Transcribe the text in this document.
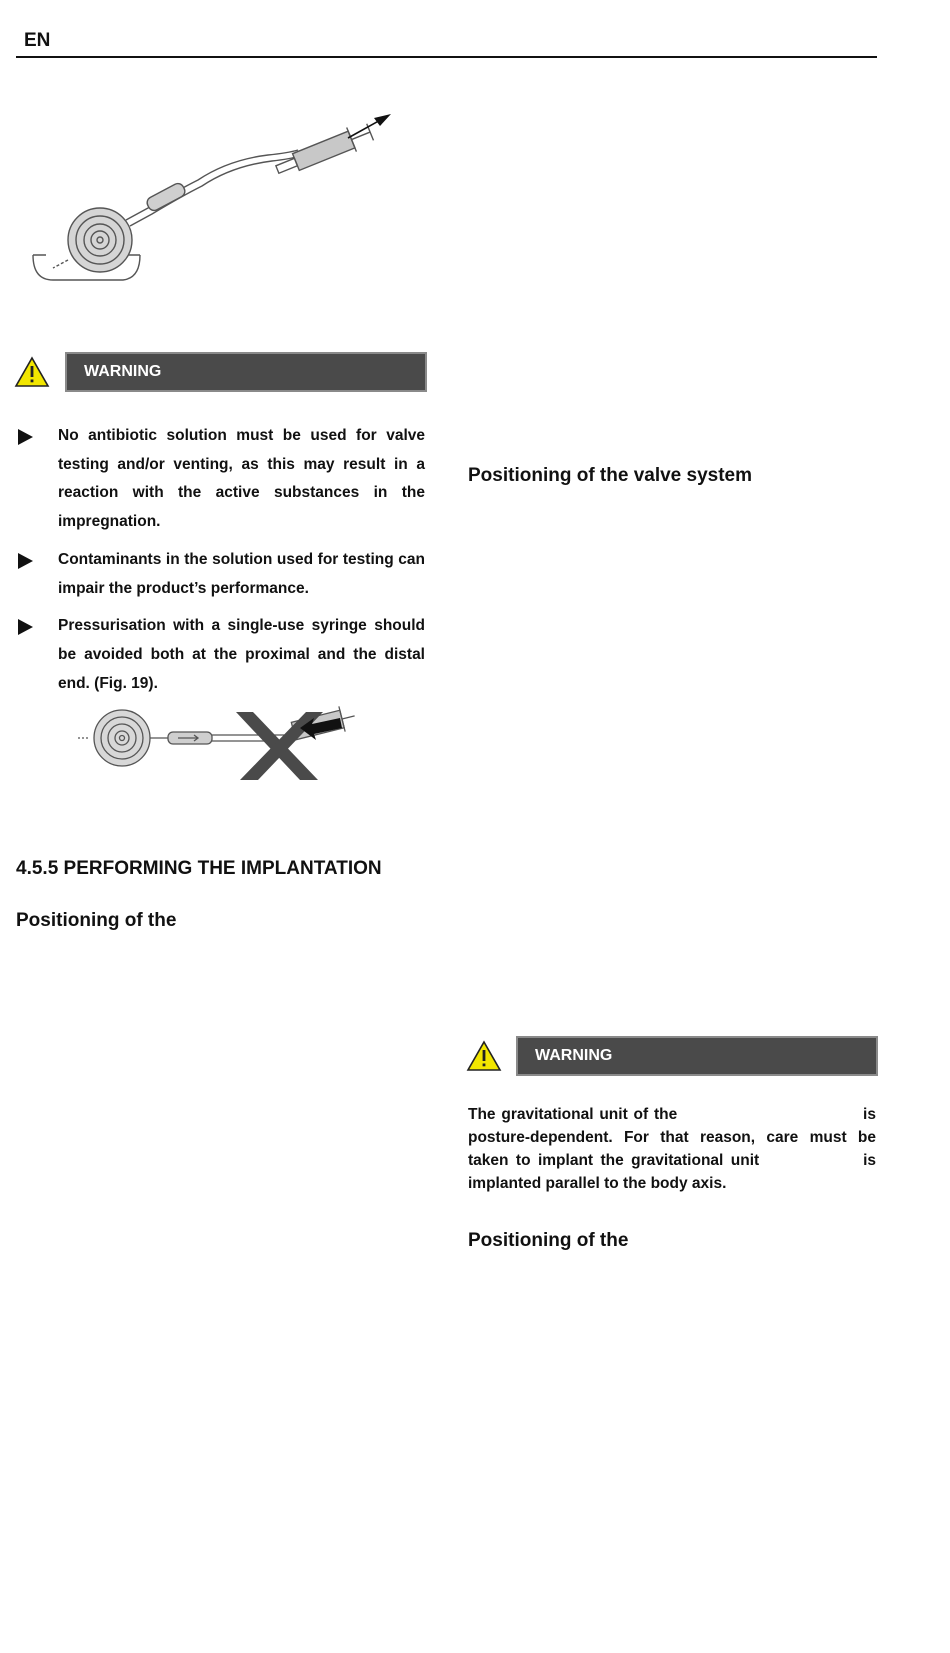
EN
WARNING
No antibiotic solution must be used for valve testing and/or venting, as this may result in a reaction with the active substances in the impregnation.
Contaminants in the solution used for testing can impair the product’s performance.
Pressurisation with a single-use syringe should be avoided both at the proximal and the distal end. (Fig. 19).
4.5.5 PERFORMING THE IMPLANTATION
Positioning of the
Positioning of the valve system
WARNING

The gravitational unit of the                                is posture-dependent. For that reason, care must be taken to implant the gravitational unit              is implanted parallel to the body axis.

Positioning of the
